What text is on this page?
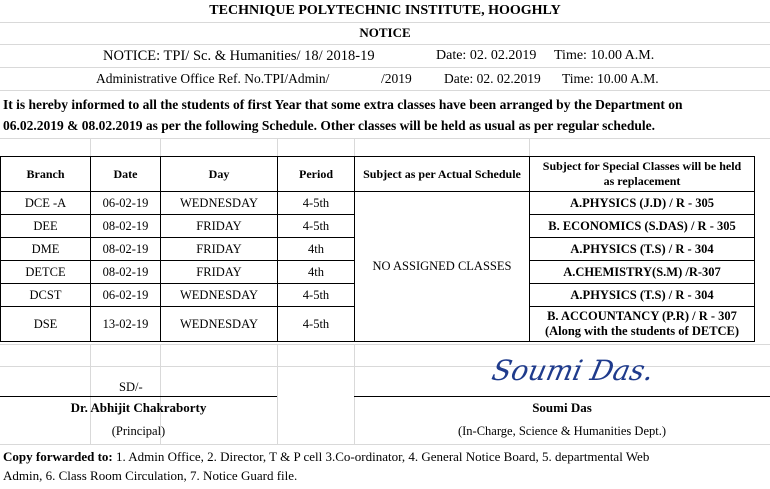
TECHNIQUE POLYTECHNIC INSTITUTE, HOOGHLY
NOTICE
NOTICE: TPI/ Sc. & Humanities/ 18/ 2018-19	Date: 02. 02.2019 Time: 10.00 A.M.
Administrative Office Ref. No.TPI/Admin/	/2019 Date: 02. 02.2019 Time: 10.00 A.M.
It is hereby informed to all the students of first Year that some extra classes have been arranged by the Department on
06.02.2019 & 08.02.2019 as per the following Schedule. Other classes will be held as usual as per regular schedule.
Branch	Date	Day	Period	Subject as per Actual Schedule	Subject for Special Classes will be held
as replacement

DCE -A	06-02-19	WEDNESDAY	4-5th	NO ASSIGNED CLASSES	A.PHYSICS (J.D) / R - 305
DEE	08-02-19	FRIDAY	4-5th		B. ECONOMICS (S.DAS) / R - 305
DME	08-02-19	FRIDAY	4th		A.PHYSICS (T.S) / R - 304
DETCE	08-02-19	FRIDAY	4th		A.CHEMISTRY(S.M) /R-307
DCST	06-02-19	WEDNESDAY	4-5th		A.PHYSICS (T.S) / R - 304
DSE	13-02-19	WEDNESDAY	4-5th		B. ACCOUNTANCY (P.R) / R - 307
(Along with the students of DETCE)
SD/-
Soumi Das.
Dr. Abhijit Chakraborty
(Principal)
Soumi Das
(In-Charge, Science & Humanities Dept.)
Copy forwarded to: 1. Admin Office, 2. Director, T & P cell 3.Co-ordinator, 4. General Notice Board, 5. departmental Web
Admin, 6. Class Room Circulation, 7. Notice Guard file.
